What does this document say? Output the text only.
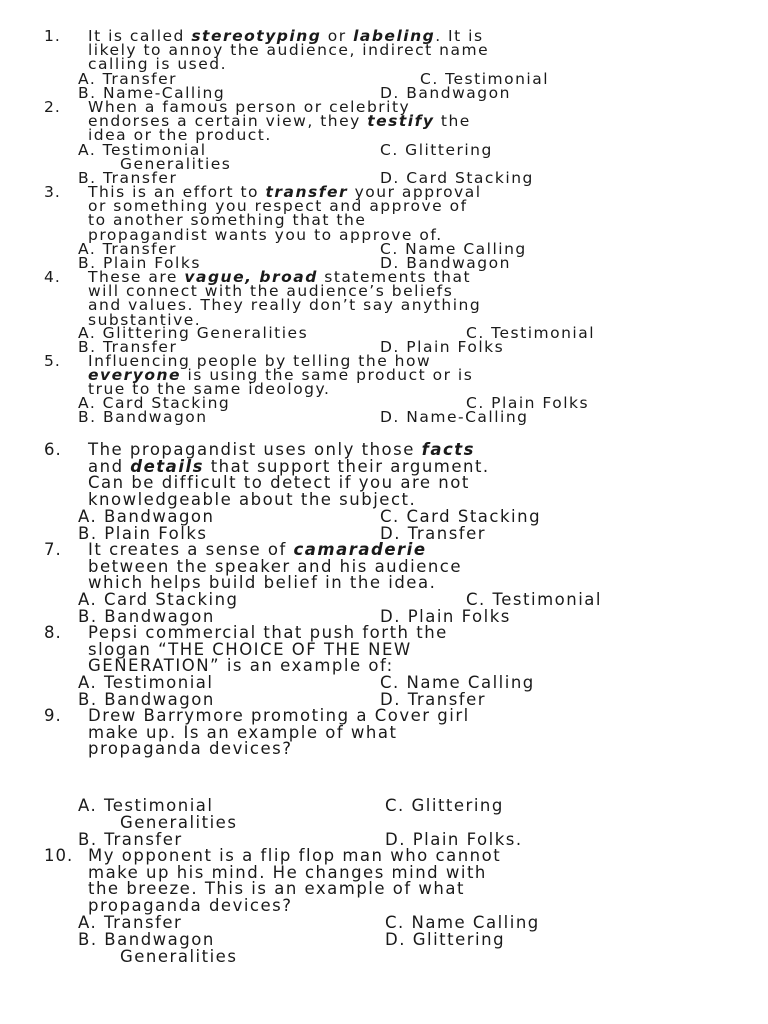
1. It is called stereotyping or labeling. It is
likely to annoy the audience, indirect name
calling is used.
A. Transfer	C. Testimonial
B. Name-Calling	D. Bandwagon
2. When a famous person or celebrity
endorses a certain view, they testify the
idea or the product.
A. Testimonial	C. Glittering
Generalities
B. Transfer	D. Card Stacking
3. This is an effort to transfer your approval
or something you respect and approve of
to another something that the
propagandist wants you to approve of.
A. Transfer	C. Name Calling
B. Plain Folks	D. Bandwagon
4. These are vague, broad statements that
will connect with the audience’s beliefs
and values. They really don’t say anything
substantive.
A. Glittering Generalities	C. Testimonial
B. Transfer	D. Plain Folks
5. Influencing people by telling the how
everyone is using the same product or is
true to the same ideology.
A. Card Stacking	C. Plain Folks
B. Bandwagon	D. Name-Calling
6. The propagandist uses only those facts
and details that support their argument.
Can be difficult to detect if you are not
knowledgeable about the subject.
A. Bandwagon	C. Card Stacking
B. Plain Folks	D. Transfer
7. It creates a sense of camaraderie
between the speaker and his audience
which helps build belief in the idea.
A. Card Stacking	C. Testimonial
B. Bandwagon	D. Plain Folks
8. Pepsi commercial that push forth the
slogan “THE CHOICE OF THE NEW
GENERATION” is an example of:
A. Testimonial	C. Name Calling
B. Bandwagon	D. Transfer
9. Drew Barrymore promoting a Cover girl
make up. Is an example of what
propaganda devices?
A. Testimonial	C. Glittering
Generalities
B. Transfer	D. Plain Folks.
10. My opponent is a flip flop man who cannot
make up his mind. He changes mind with
the breeze. This is an example of what
propaganda devices?
A. Transfer	C. Name Calling
B. Bandwagon	D. Glittering
Generalities
